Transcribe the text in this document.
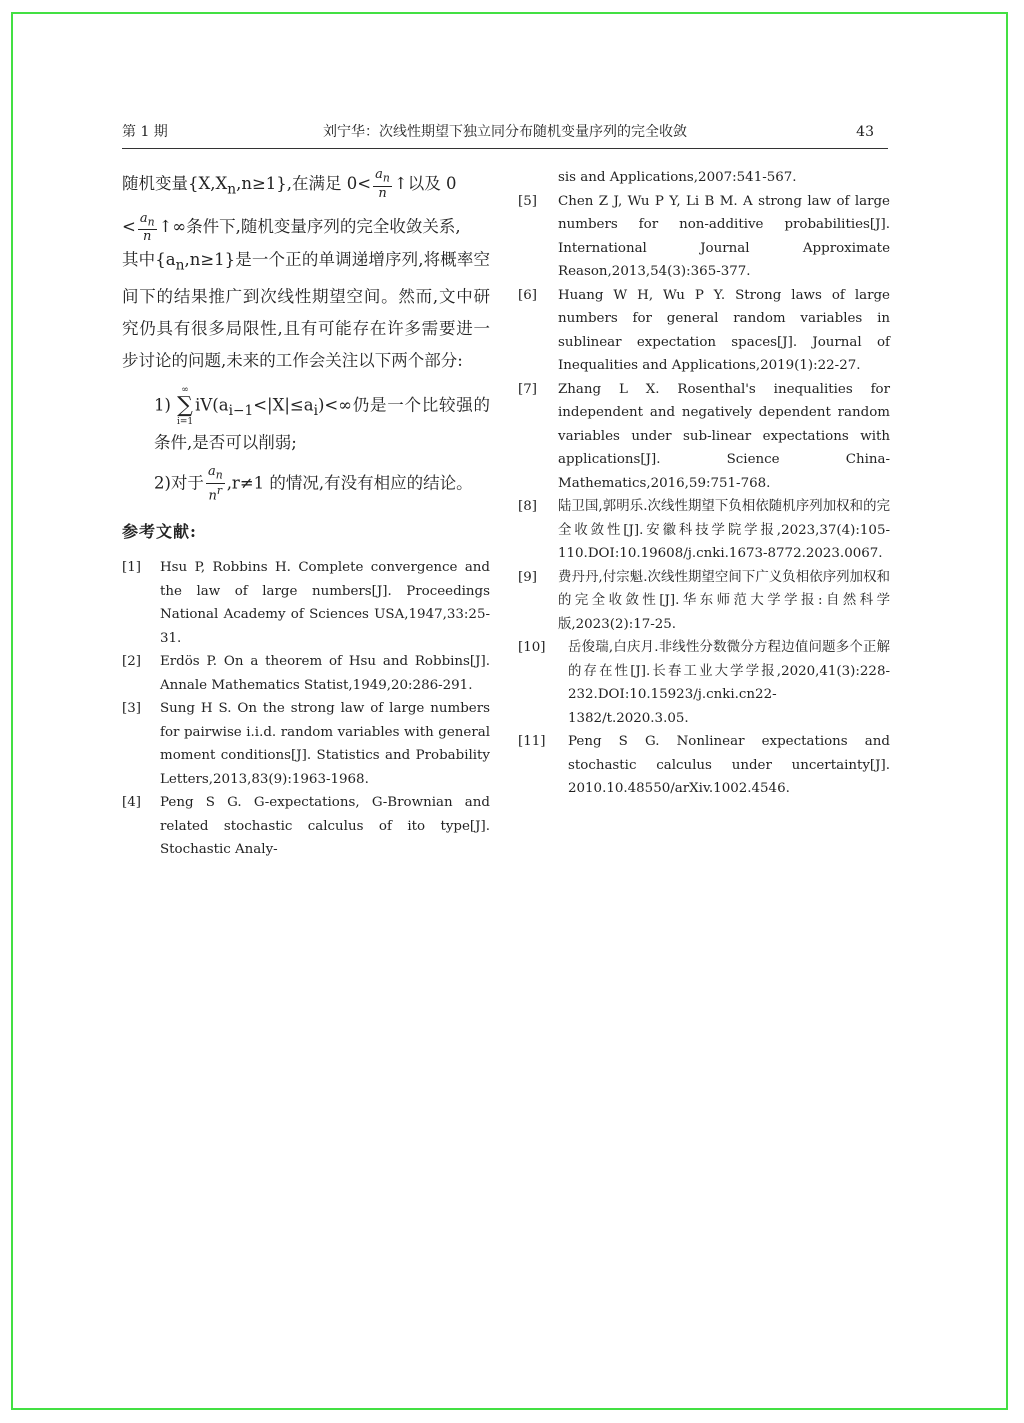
第 1 期	刘宁华：次线性期望下独立同分布随机变量序列的完全收敛	43

随机变量$\{X,X_n,n\ge 1\}$,在满足 $0< \frac{a_n}{n}$ ↑以及 0

< $\frac{a_n}{n}$ ↑∞条件下,随机变量序列的完全收敛关系,

其中$\{a_n,n\ge 1\}$是一个正的单调递增序列,将概率空间下的结果推广到次线性期望空间。然而,文中研究仍具有很多局限性,且有可能存在许多需要进一步讨论的问题,未来的工作会关注以下两个部分:

1) ∞
∑
$i=1iV(a_{i-1}<|X|\le a_i)<\infty$仍是一个比较强的条件,是否可以削弱;

2)对于 $\frac{a_n}{n^r} ,r\ne 1$ 的情况,有没有相应的结论。

参考文献:

[1] Hsu P, Robbins H. Complete convergence and the law of large numbers[J]. Proceedings National Academy of Sciences USA,1947,33:25-31.

[2] Erdös P. On a theorem of Hsu and Robbins[J]. Annale Mathematics Statist,1949,20:286-291.

[3] Sung H S. On the strong law of large numbers for pairwise i.i.d. random variables with general moment conditions[J]. Statistics and Probability Letters,2013,83(9):1963-1968.

[4] Peng S G. G-expectations, G-Brownian and related stochastic calculus of ito type[J]. Stochastic Analy-

sis and Applications,2007:541-567.

[5] Chen Z J, Wu P Y, Li B M. A strong law of large numbers for non-additive probabilities[J]. International Journal Approximate Reason,2013,54(3):365-377.

[6] Huang W H, Wu P Y. Strong laws of large numbers for general random variables in sublinear expectation spaces[J]. Journal of Inequalities and Applications,2019(1):22-27.

[7] Zhang L X. Rosenthal's inequalities for independent and negatively dependent random variables under sub-linear expectations with applications[J]. Science China-Mathematics,2016,59:751-768.

[8] 陆卫国,郭明乐.次线性期望下负相依随机序列加权和的完全收敛性[J].安徽科技学院学报,2023,37(4):105-110.DOI:10.19608/j.cnki.1673-8772.2023.0067.

[9] 费丹丹,付宗魁.次线性期望空间下广义负相依序列加权和的完全收敛性[J].华东师范大学学报:自然科学版,2023(2):17-25.

[10] 岳俊瑞,白庆月.非线性分数微分方程边值问题多个正解的存在性[J].长春工业大学学报,2020,41(3):228-232.DOI:10.15923/j.cnki.cn22-1382/t.2020.3.05.

[11] Peng S G. Nonlinear expectations and stochastic calculus under uncertainty[J]. 2010.10.48550/arXiv.1002.4546.
